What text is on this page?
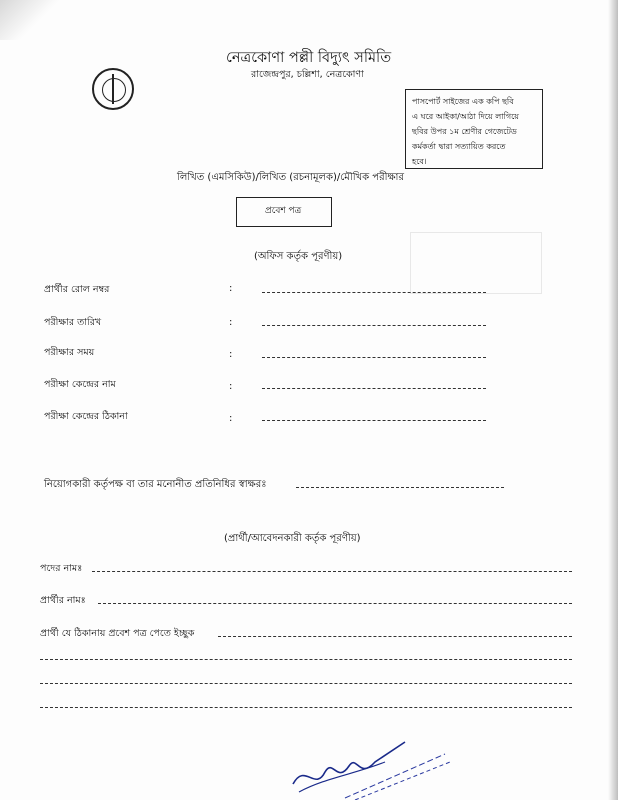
নেত্রকোণা পল্লী বিদ্যুৎ সমিতি
রাজেন্দ্রপুর, চল্লিশা, নেত্রকোণা
পাসপোর্ট সাইজের এক কপি ছবি
এ ঘরে আইকা/আঠা দিয়ে লাগিয়ে
ছবির উপর ১ম শ্রেণীর গেজেটেড
কর্মকর্তা দ্বারা সত্যায়িত করতে
হবে।
লিখিত (এমসিকিউ)/লিখিত (রচনামূলক)/মৌখিক পরীক্ষার
প্রবেশ পত্র
(অফিস কর্তৃক পূরণীয়)
প্রার্থীর রোল নম্বর	:
পরীক্ষার তারিখ	:
পরীক্ষার সময়	:
পরীক্ষা কেন্দ্রের নাম	:
পরীক্ষা কেন্দ্রের ঠিকানা	:
নিয়োগকারী কর্তৃপক্ষ বা তার মনোনীত প্রতিনিধির স্বাক্ষরঃ
(প্রার্থী/আবেদনকারী কর্তৃক পূরণীয়)
পদের নামঃ
প্রার্থীর নামঃ
প্রার্থী যে ঠিকানায় প্রবেশ পত্র পেতে ইচ্ছুক
